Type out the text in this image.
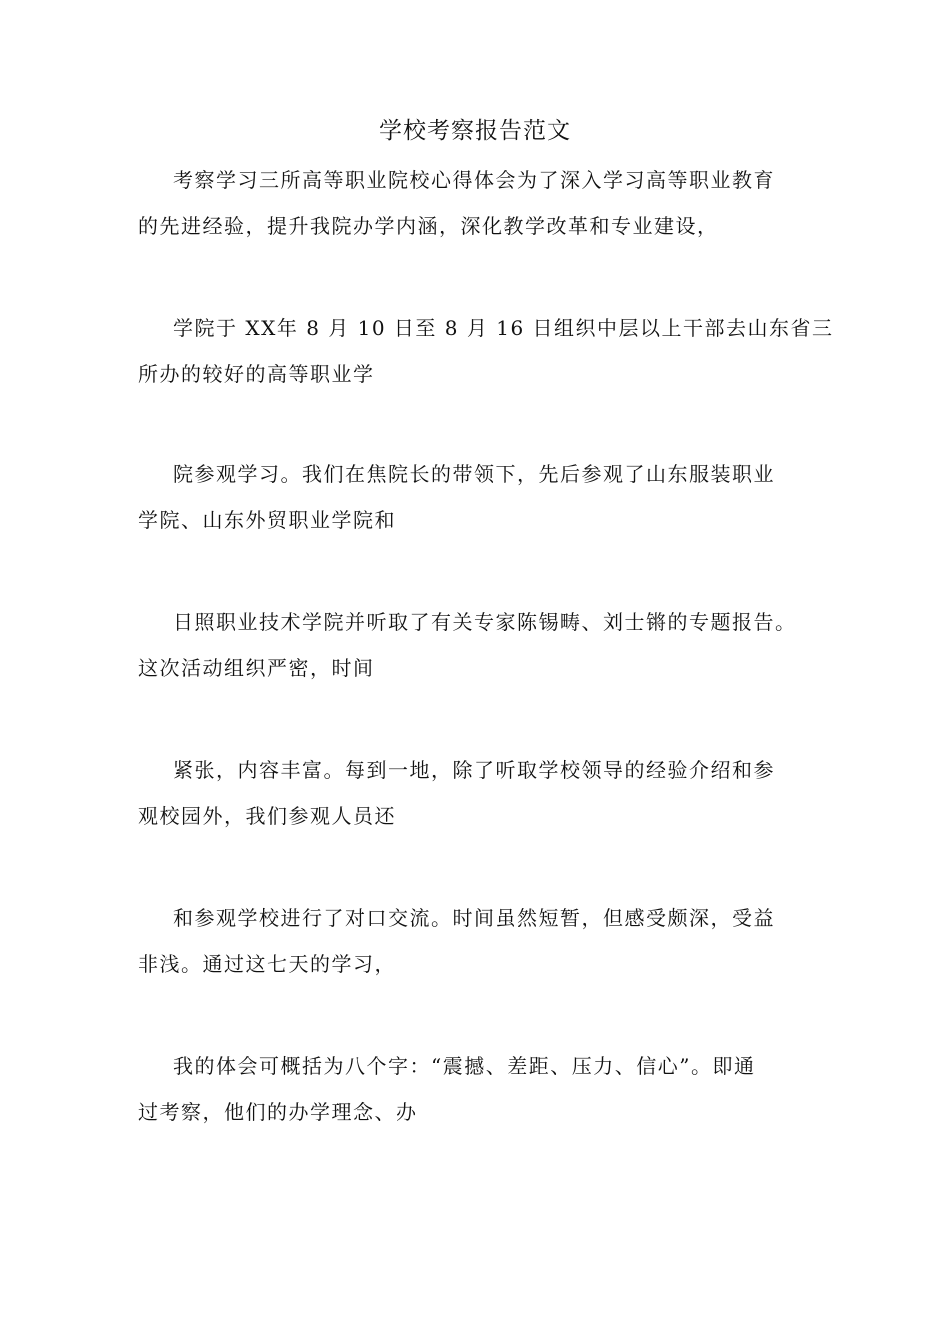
学校考察报告范文

考察学习三所高等职业院校心得体会为了深入学习高等职业教育
的先进经验，提升我院办学内涵，深化教学改革和专业建设，

学院于 XX年 8 月 10 日至 8 月 16 日组织中层以上干部去山东省三
所办的较好的高等职业学

院参观学习。我们在焦院长的带领下，先后参观了山东服装职业
学院、山东外贸职业学院和

日照职业技术学院并听取了有关专家陈锡畴、刘士锵的专题报告。
这次活动组织严密，时间

紧张，内容丰富。每到一地，除了听取学校领导的经验介绍和参
观校园外，我们参观人员还

和参观学校进行了对口交流。时间虽然短暂，但感受颇深，受益
非浅。通过这七天的学习，

我的体会可概括为八个字：“震撼、差距、压力、信心”。即通
过考察，他们的办学理念、办
